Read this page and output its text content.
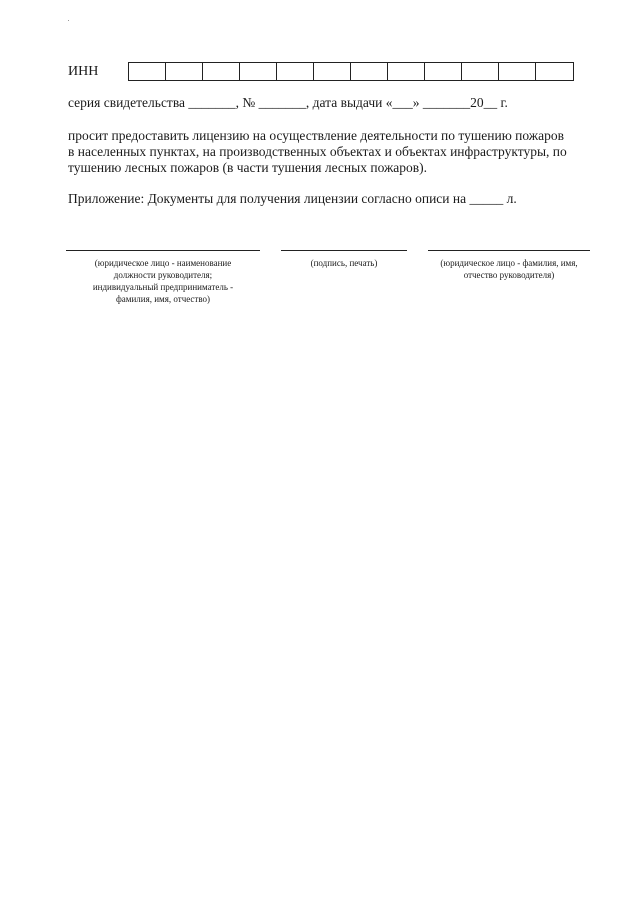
ИНН
серия свидетельства _______, № _______, дата выдачи «___» _______20__ г.
просит предоставить лицензию на осуществление деятельности по тушению пожаров
в населенных пунктах, на производственных объектах и объектах инфраструктуры, по
тушению лесных пожаров (в части тушения лесных пожаров).
Приложение: Документы для получения лицензии согласно описи на _____ л.
(юридическое лицо - наименование
должности руководителя;
индивидуальный предприниматель -
фамилия, имя, отчество)
(подпись, печать)	(юридическое лицо - фамилия, имя,
отчество руководителя)
